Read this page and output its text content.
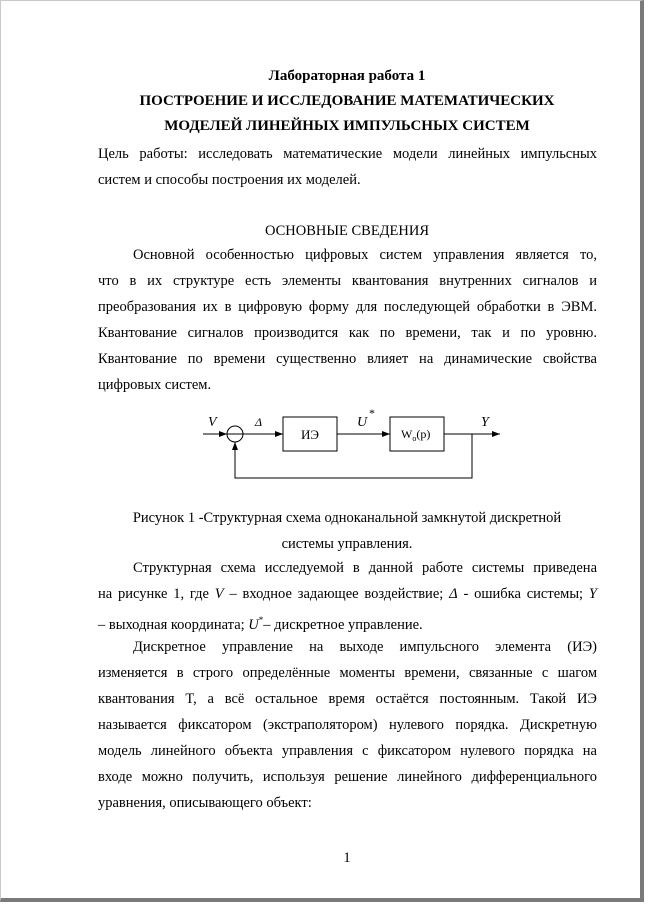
Лабораторная работа 1
ПОСТРОЕНИЕ И ИССЛЕДОВАНИЕ МАТЕМАТИЧЕСКИХ
МОДЕЛЕЙ ЛИНЕЙНЫХ ИМПУЛЬСНЫХ СИСТЕМ
Цель работы: исследовать математические модели линейных импульсных
систем и способы построения их моделей.
ОСНОВНЫЕ СВЕДЕНИЯ
Основной особенностью цифровых систем управления является то,
что в их структуре есть элементы квантования внутренних сигналов и
преобразования их в цифровую форму для последующей обработки в ЭВМ.
Квантование сигналов производится как по времени, так и по уровню.
Квантование по времени существенно влияет на динамические свойства
цифровых систем.
V	Δ
ИЭ
U
*
$W_o(p)$
Y
Рисунок 1 -Структурная схема одноканальной замкнутой дискретной
системы управления.
Структурная схема исследуемой в данной работе системы приведена
на рисунке 1, где V – входное задающее воздействие; Δ - ошибка системы; Y
– выходная координата; U*– дискретное управление.
Дискретное управление на выходе импульсного элемента (ИЭ)
изменяется в строго определённые моменты времени, связанные с шагом
квантования T, а всё остальное время остаётся постоянным. Такой ИЭ
называется фиксатором (экстраполятором) нулевого порядка. Дискретную
модель линейного объекта управления с фиксатором нулевого порядка на
входе можно получить, используя решение линейного дифференциального
уравнения, описывающего объект:
1
